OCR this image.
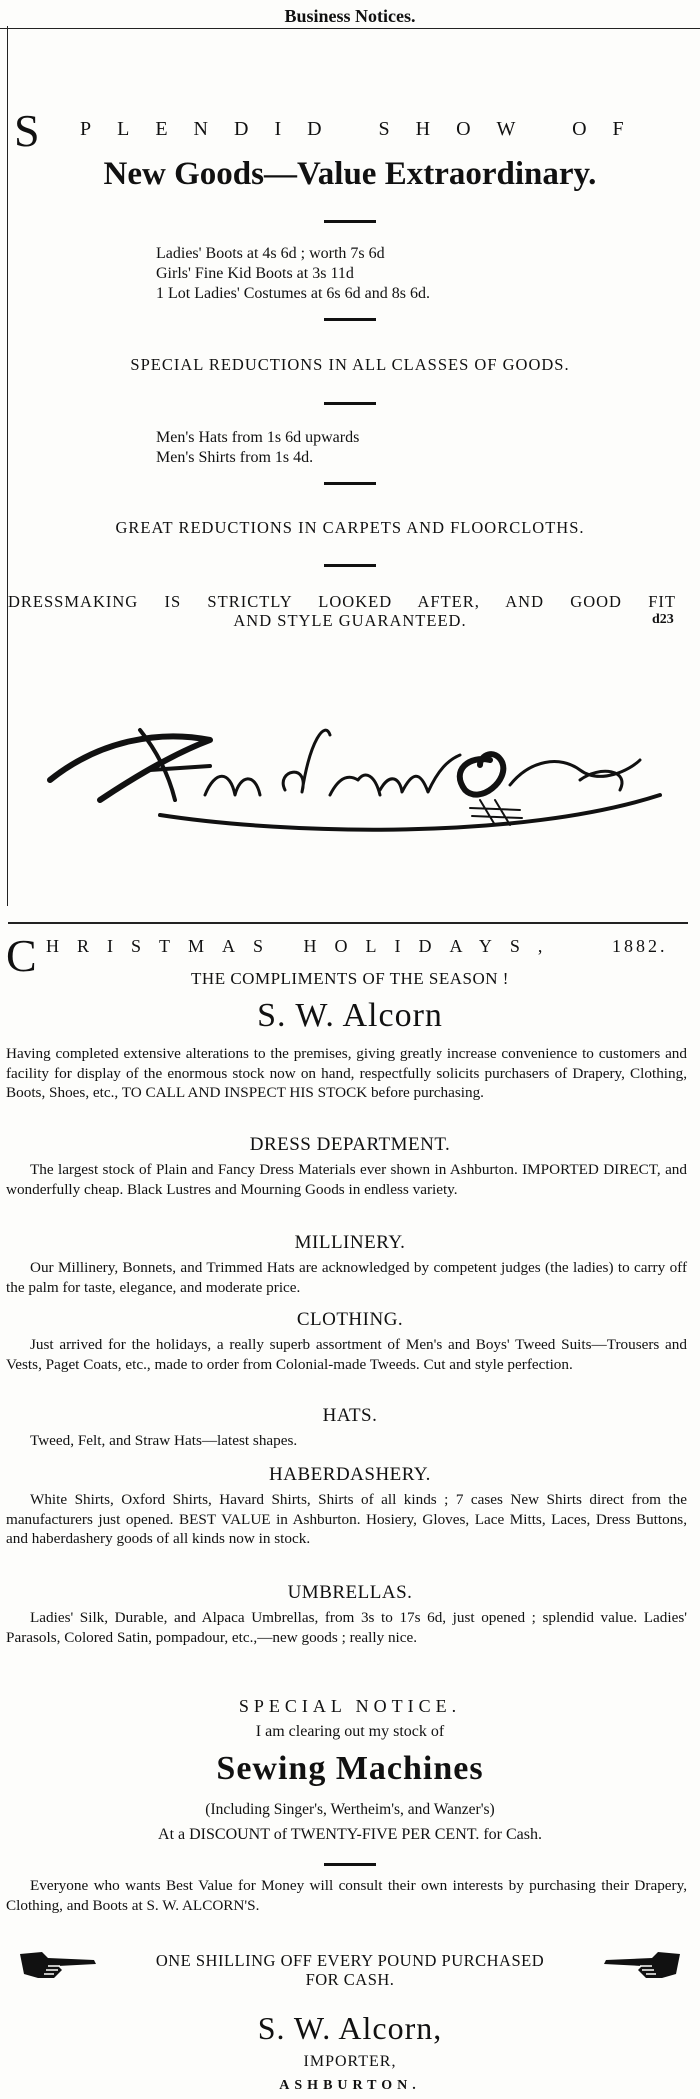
Business Notices.
S PLENDID SHOW OF
New Goods—Value Extraordinary.
Ladies' Boots at 4s 6d ; worth 7s 6d
Girls' Fine Kid Boots at 3s 11d
1 Lot Ladies' Costumes at 6s 6d and 8s 6d.
SPECIAL REDUCTIONS IN ALL CLASSES OF GOODS.
Men's Hats from 1s 6d upwards
Men's Shirts from 1s 4d.
GREAT REDUCTIONS IN CARPETS AND FLOORCLOTHS.
DRESSMAKING IS STRICTLY LOOKED AFTER, AND GOOD FIT
AND STYLE GUARANTEED.	d23
C HRISTMAS HOLIDAYS,	1882.
THE COMPLIMENTS OF THE SEASON !
S. W. Alcorn
Having completed extensive alterations to the premises, giving greatly increase convenience to customers and facility for display of the enormous stock now on hand, respectfully solicits purchasers of Drapery, Clothing, Boots, Shoes, etc., TO CALL AND INSPECT HIS STOCK before purchasing.
DRESS DEPARTMENT.
The largest stock of Plain and Fancy Dress Materials ever shown in Ashburton. IMPORTED DIRECT, and wonderfully cheap. Black Lustres and Mourning Goods in endless variety.
MILLINERY.
Our Millinery, Bonnets, and Trimmed Hats are acknowledged by competent judges (the ladies) to carry off the palm for taste, elegance, and moderate price.
CLOTHING.
Just arrived for the holidays, a really superb assortment of Men's and Boys' Tweed Suits—Trousers and Vests, Paget Coats, etc., made to order from Colonial-made Tweeds. Cut and style perfection.
HATS.
Tweed, Felt, and Straw Hats—latest shapes.
HABERDASHERY.
White Shirts, Oxford Shirts, Havard Shirts, Shirts of all kinds ; 7 cases New Shirts direct from the manufacturers just opened. BEST VALUE in Ashburton. Hosiery, Gloves, Lace Mitts, Laces, Dress Buttons, and haberdashery goods of all kinds now in stock.
UMBRELLAS.
Ladies' Silk, Durable, and Alpaca Umbrellas, from 3s to 17s 6d, just opened ; splendid value. Ladies' Parasols, Colored Satin, pompadour, etc.,—new goods ; really nice.
SPECIAL NOTICE.
I am clearing out my stock of
Sewing Machines
(Including Singer's, Wertheim's, and Wanzer's)
At a DISCOUNT of TWENTY-FIVE PER CENT. for Cash.
Everyone who wants Best Value for Money will consult their own interests by purchasing their Drapery, Clothing, and Boots at S. W. ALCORN'S.
ONE SHILLING OFF EVERY POUND PURCHASED
FOR CASH.
S. W. Alcorn,
IMPORTER,
ASHBURTON.
